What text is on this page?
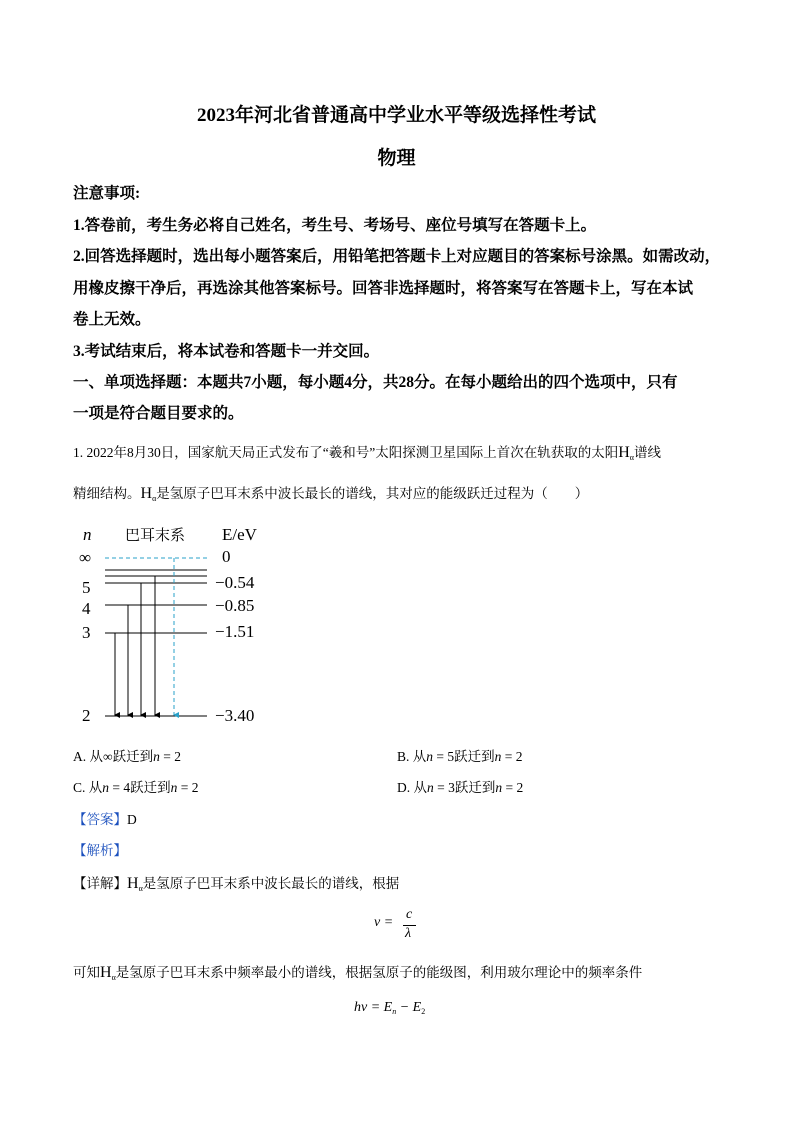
2023年河北省普通高中学业水平等级选择性考试
物理
注意事项:
1.答卷前，考生务必将自己姓名，考生号、考场号、座位号填写在答题卡上。
2.回答选择题时，选出每小题答案后，用铅笔把答题卡上对应题目的答案标号涂黑。如需改动，
用橡皮擦干净后，再选涂其他答案标号。回答非选择题时，将答案写在答题卡上，写在本试
卷上无效。
3.考试结束后，将本试卷和答题卡一并交回。
一、单项选择题：本题共7小题，每小题4分，共28分。在每小题给出的四个选项中，只有
一项是符合题目要求的。
1. 2022年8月30日，国家航天局正式发布了“羲和号”太阳探测卫星国际上首次在轨获取的太阳$H_\alpha$谱线
精细结构。$H_\alpha$是氢原子巴耳末系中波长最长的谱线，其对应的能级跃迁过程为（　　）
n 巴耳末系 E/eV
∞
5
4
3
2
0
−0.54
−0.85
−1.51
−3.40
A. 从∞跃迁到n = 2	B. 从n = 5跃迁到n = 2
C. 从n = 4跃迁到n = 2	D. 从n = 3跃迁到n = 2
【答案】D
【解析】
【详解】$H_\alpha$是氢原子巴耳末系中波长最长的谱线，根据
ν =
c
λ
可知$H_\alpha$是氢原子巴耳末系中频率最小的谱线，根据氢原子的能级图，利用玻尔理论中的频率条件
$h\nu = E_n - E_2$
